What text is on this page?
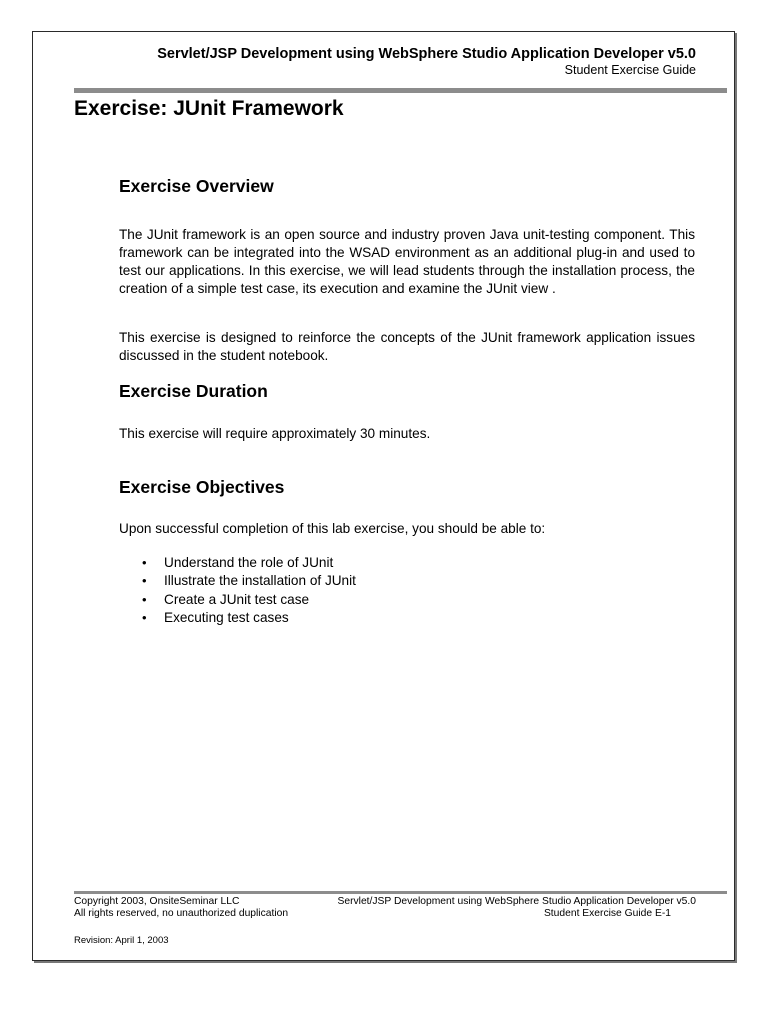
Servlet/JSP Development using WebSphere Studio Application Developer v5.0
Student Exercise Guide
Exercise: JUnit Framework
Exercise Overview
The JUnit framework is an open source and industry proven Java unit-testing component. This framework can be integrated into the WSAD environment as an additional plug-in and used to test our applications. In this exercise, we will lead students through the installation process, the creation of a simple test case, its execution and examine the JUnit view .
This exercise is designed to reinforce the concepts of the JUnit framework application issues discussed in the student notebook.
Exercise Duration
This exercise will require approximately 30 minutes.
Exercise Objectives
Upon successful completion of this lab exercise, you should be able to:
• Understand the role of JUnit
• Illustrate the installation of JUnit
• Create a JUnit test case
• Executing test cases
Copyright 2003, OnsiteSeminar LLC
All rights reserved, no unauthorized duplication
Servlet/JSP Development using WebSphere Studio Application Developer v5.0
Student Exercise Guide E-1
Revision: April 1, 2003
